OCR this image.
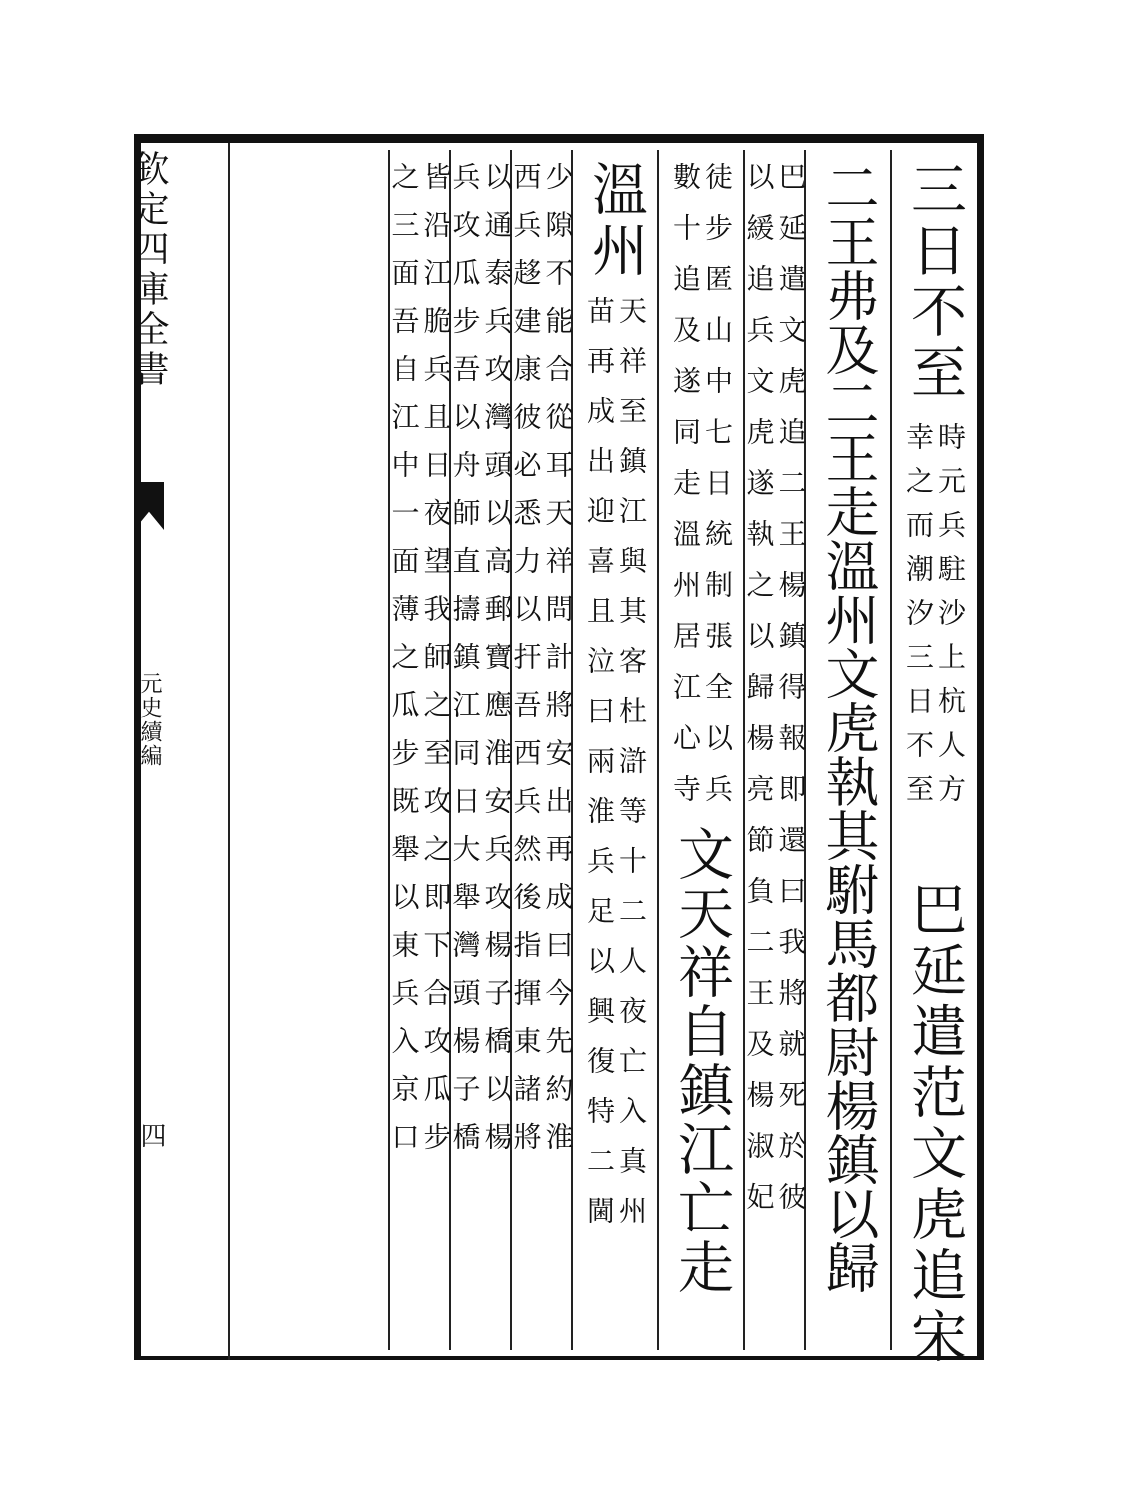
欽定四庫全書
元史續編
四
三日不至
時元兵駐沙上杭人方
幸之而潮汐三日不至
巴延遣范文虎追宋
二王弗及二王走溫州文虎執其駙馬都尉楊鎮以歸
巴延遣文虎追二王楊鎮得報即還曰我將就死於彼
以緩追兵文虎遂執之以歸楊亮節負二王及楊淑妃
徒步匿山中七日統制張全以兵
數十追及遂同走溫州居江心寺
文天祥自鎮江亡走
溫州
天祥至鎮江與其客杜滸等十二人夜亡入真州
苗再成出迎喜且泣曰兩淮兵足以興復特二閫
少隙不能合從耳天祥問計將安出再成曰今先約淮
西兵趍建康彼必悉力以扞吾西兵然後指揮東諸將
以通泰兵攻灣頭以高郵寶應淮安兵攻楊子橋以楊
兵攻瓜步吾以舟師直擣鎮江同日大舉灣頭楊子橋
皆沿江脆兵且日夜望我師之至攻之即下合攻瓜步
之三面吾自江中一面薄之瓜步既舉以東兵入京口
